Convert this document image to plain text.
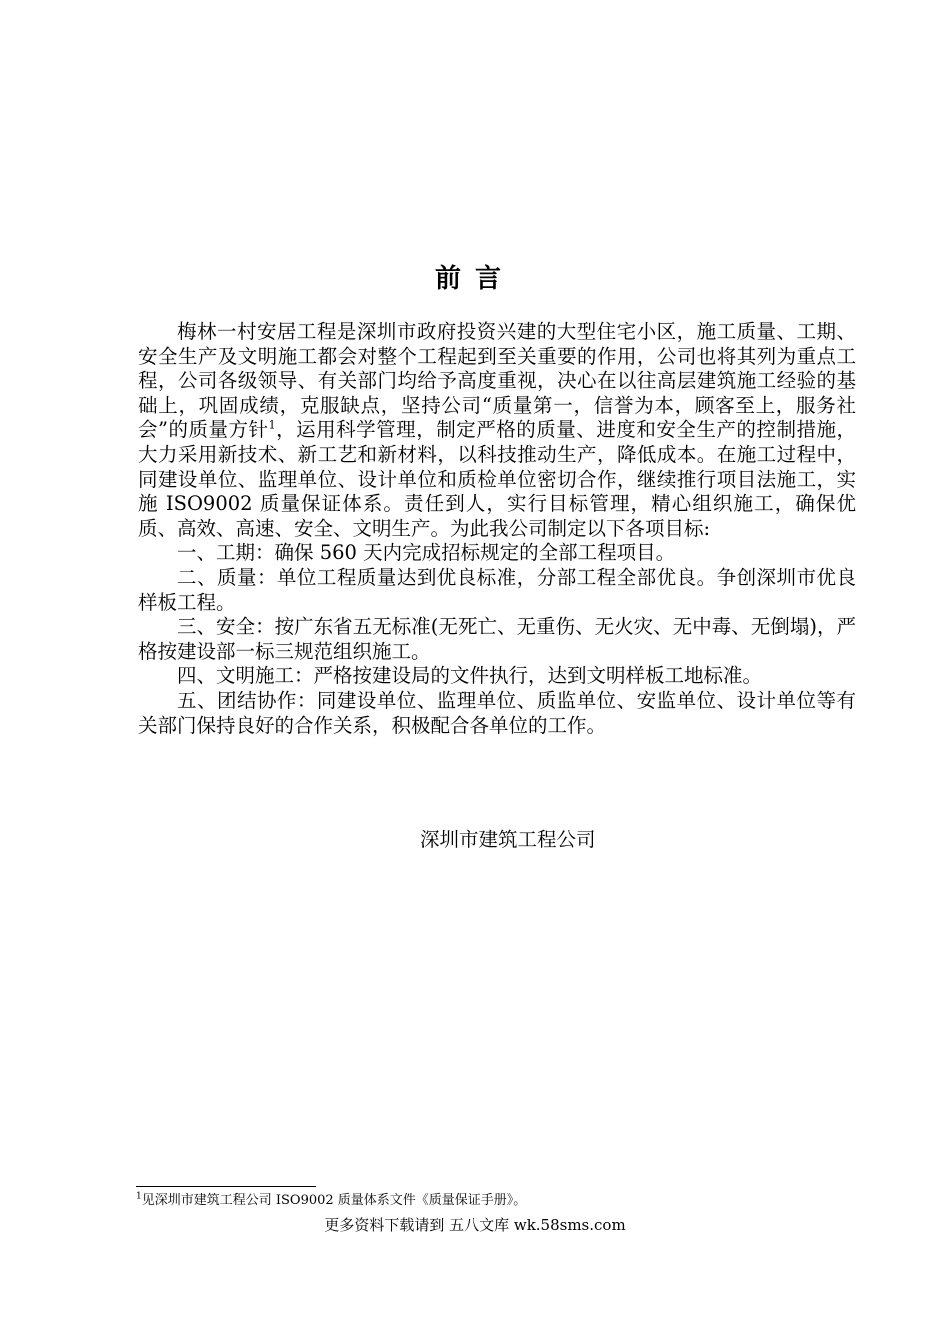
前言

梅林一村安居工程是深圳市政府投资兴建的大型住宅小区，施工质量、工期、安全生产及文明施工都会对整个工程起到至关重要的作用，公司也将其列为重点工程，公司各级领导、有关部门均给予高度重视，决心在以往高层建筑施工经验的基础上，巩固成绩，克服缺点，坚持公司“质量第一，信誉为本，顾客至上，服务社会”的质量方针$^1$，运用科学管理，制定严格的质量、进度和安全生产的控制措施，大力采用新技术、新工艺和新材料，以科技推动生产，降低成本。在施工过程中，同建设单位、监理单位、设计单位和质检单位密切合作，继续推行项目法施工，实施 ISO9002 质量保证体系。责任到人，实行目标管理，精心组织施工，确保优质、高效、高速、安全、文明生产。为此我公司制定以下各项目标:

一、工期：确保 560 天内完成招标规定的全部工程项目。

二、质量：单位工程质量达到优良标准，分部工程全部优良。争创深圳市优良样板工程。

三、安全：按广东省五无标准(无死亡、无重伤、无火灾、无中毒、无倒塌)，严格按建设部一标三规范组织施工。

四、文明施工：严格按建设局的文件执行，达到文明样板工地标准。

五、团结协作：同建设单位、监理单位、质监单位、安监单位、设计单位等有关部门保持良好的合作关系，积极配合各单位的工作。

深圳市建筑工程公司
$^1$见深圳市建筑工程公司 ISO9002 质量体系文件《质量保证手册》。
更多资料下载请到 五八文库 wk.58sms.com
